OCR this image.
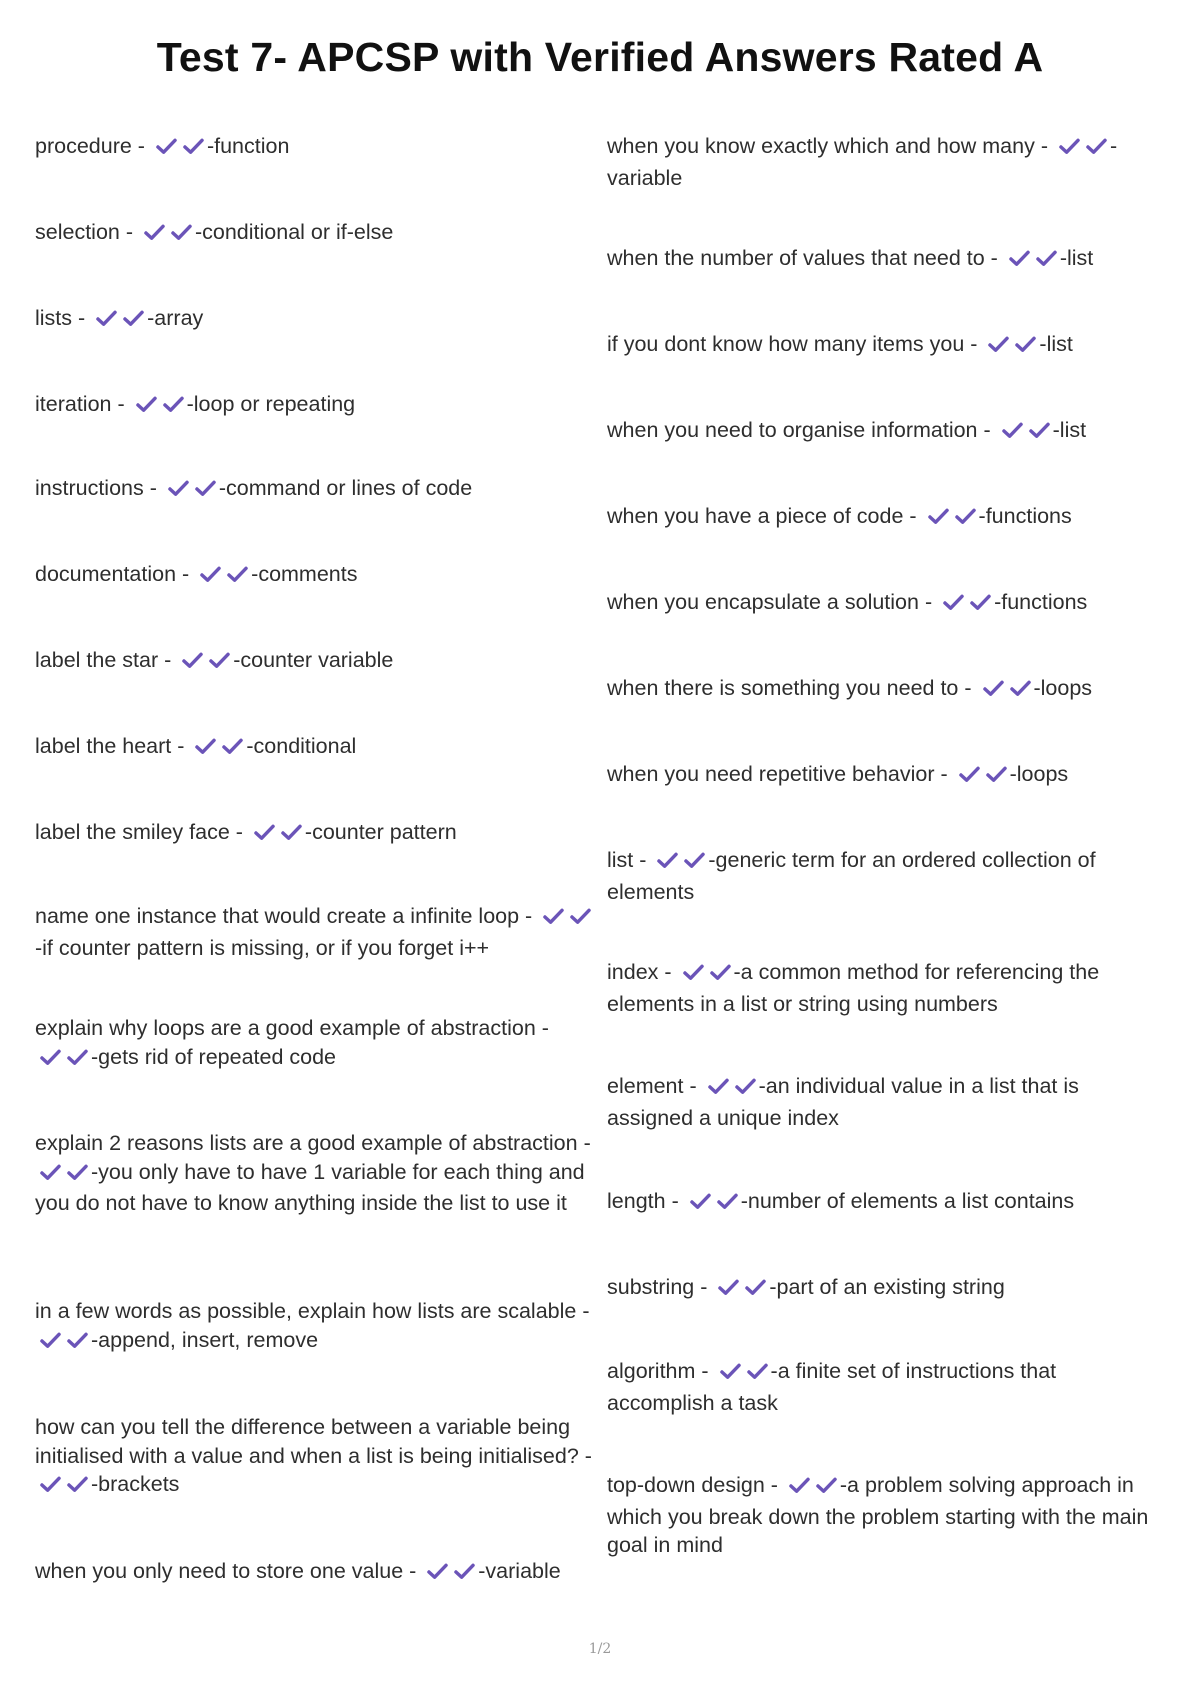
Test 7- APCSP with Verified Answers Rated A
procedure -	-function
selection -	-conditional or if-else
lists -	-array
iteration -	-loop or repeating
instructions -	-command or lines of code
documentation -	-comments
label the star -	-counter variable
label the heart -	-conditional
label the smiley face -	-counter pattern
name one instance that would create a infinite loop -
-if counter pattern is missing, or if you forget i++
explain why loops are a good example of abstraction -
-gets rid of repeated code
explain 2 reasons lists are a good example of abstraction -
-you only have to have 1 variable for each thing and you do not have to know anything inside the list to use it
in a few words as possible, explain how lists are scalable -
-append, insert, remove
how can you tell the difference between a variable being initialised with a value and when a list is being initialised? -
-brackets
when you only need to store one value -	-variable
when you know exactly which and how many -	-variable
when the number of values that need to -	-list
if you dont know how many items you -	-list
when you need to organise information -	-list
when you have a piece of code -	-functions
when you encapsulate a solution -	-functions
when there is something you need to -	-loops
when you need repetitive behavior -	-loops
list -	-generic term for an ordered collection of elements
index -	-a common method for referencing the elements in a list or string using numbers
element -	-an individual value in a list that is assigned a unique index
length -	-number of elements a list contains
substring -	-part of an existing string
algorithm -	-a finite set of instructions that accomplish a task
top-down design -	-a problem solving approach in which you break down the problem starting with the main goal in mind
1/2
